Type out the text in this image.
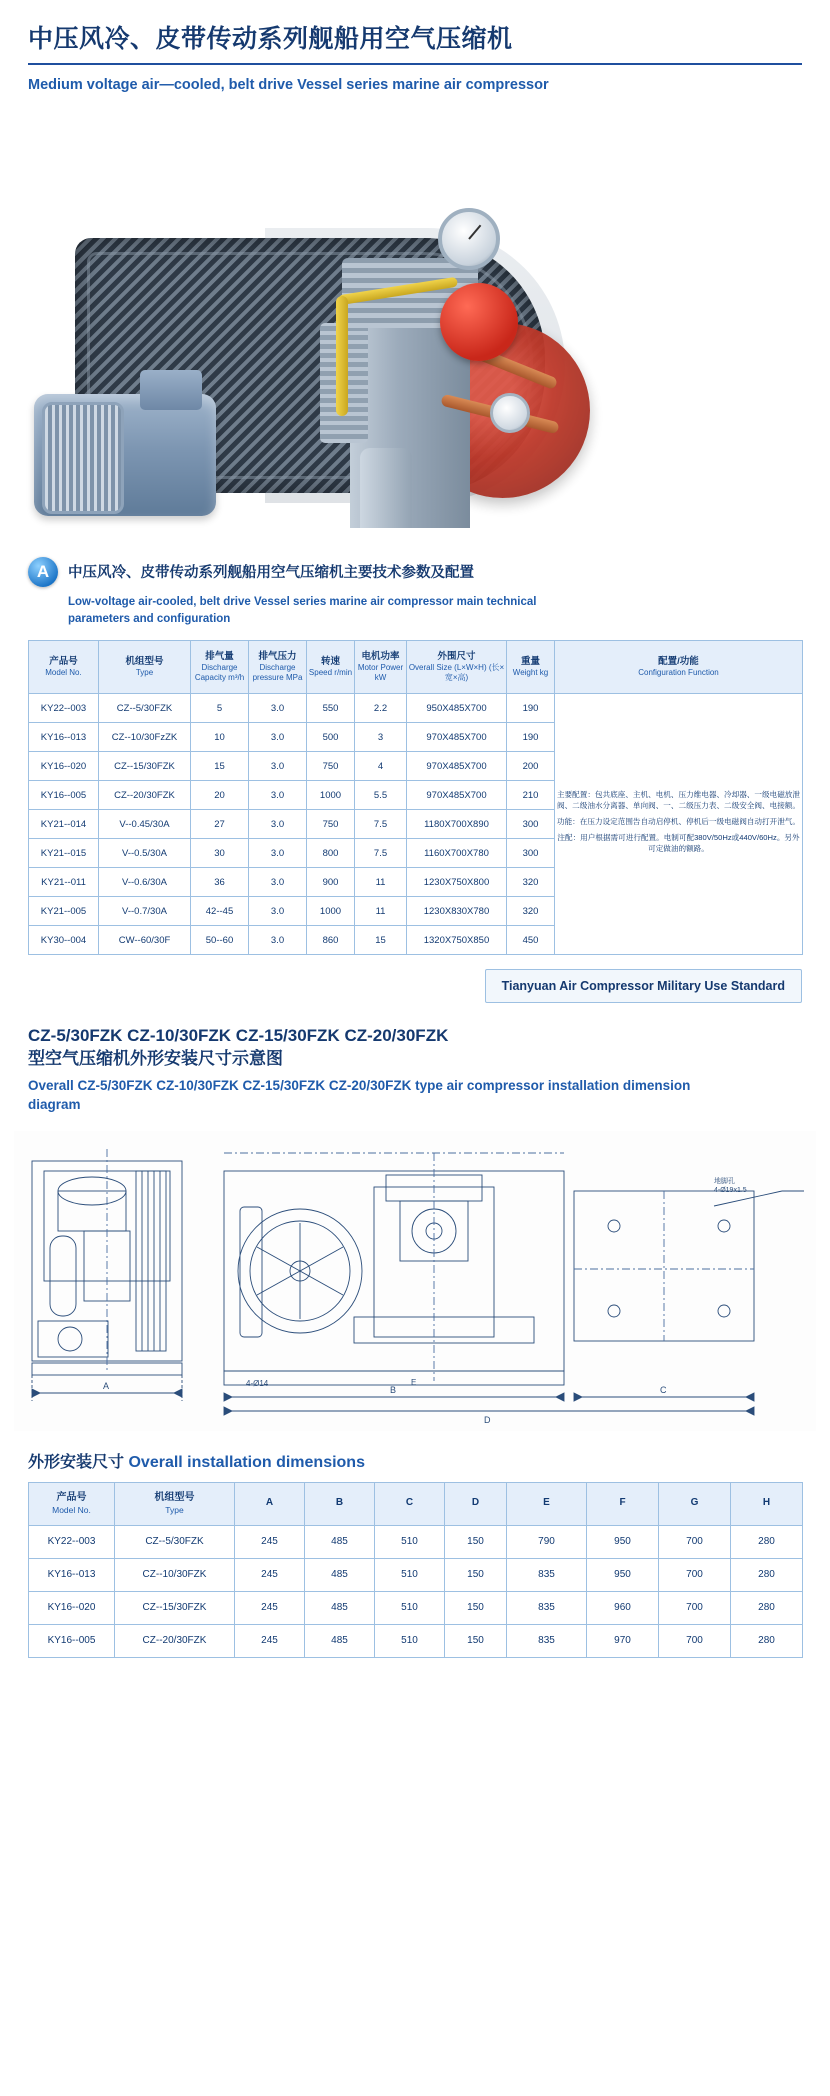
中压风冷、皮带传动系列舰船用空气压缩机
Medium voltage air—cooled, belt drive Vessel series marine air compressor
A	中压风冷、皮带传动系列舰船用空气压缩机主要技术参数及配置
Low-voltage air-cooled, belt drive Vessel series marine air compressor main technical parameters and configuration
产品号
Model No.	机组型号
Type	排气量
Discharge Capacity m³/h	排气压力
Discharge pressure MPa	转速
Speed r/min	电机功率
Motor Power kW	外围尺寸
Overall Size (L×W×H) (长×宽×高)	重量
Weight kg	配置/功能
Configuration Function

KY22--003	CZ--5/30FZK	5	3.0	550	2.2	950X485X700	190	主要配置：包共底座、主机、电机、压力维电器、冷却器、一级电磁放泄阀、二级油水分离器、单向阀、一、二级压力表、二级安全阀、电接额。

功能：在压力设定范围告自动启停机、停机后一级电磁阀自动打开泄气。

注配：用户根据需可进行配置。电制可配380V/50Hz或440V/60Hz。另外可定做油的额路。

KY16--013	CZ--10/30FzZK	10	3.0	500	3	970X485X700	190	
KY16--020	CZ--15/30FZK	15	3.0	750	4	970X485X700	200	
KY16--005	CZ--20/30FZK	20	3.0	1000	5.5	970X485X700	210	
KY21--014	V--0.45/30A	27	3.0	750	7.5	1180X700X890	300	
KY21--015	V--0.5/30A	30	3.0	800	7.5	1160X700X780	300	
KY21--011	V--0.6/30A	36	3.0	900	11	1230X750X800	320	
KY21--005	V--0.7/30A	42--45	3.0	1000	11	1230X830X780	320	
KY30--004	CW--60/30F	50--60	3.0	860	15	1320X750X850	450	
Tianyuan Air Compressor Military Use Standard
CZ-5/30FZK CZ-10/30FZK CZ-15/30FZK CZ-20/30FZK
型空气压缩机外形安装尺寸示意图
Overall CZ-5/30FZK CZ-10/30FZK CZ-15/30FZK CZ-20/30FZK type air compressor installation dimension diagram
A	B	C
D
4-Ø14
地脚孔
4-Ø19x1.5
E
外形安装尺寸 Overall installation dimensions
产品号
Model No.	机组型号
Type	A	B	C	D	E	F	G	H
KY22--003	CZ--5/30FZK	245	485	510	150	790	950	700	280
KY16--013	CZ--10/30FZK	245	485	510	150	835	950	700	280
KY16--020	CZ--15/30FZK	245	485	510	150	835	960	700	280
KY16--005	CZ--20/30FZK	245	485	510	150	835	970	700	280
